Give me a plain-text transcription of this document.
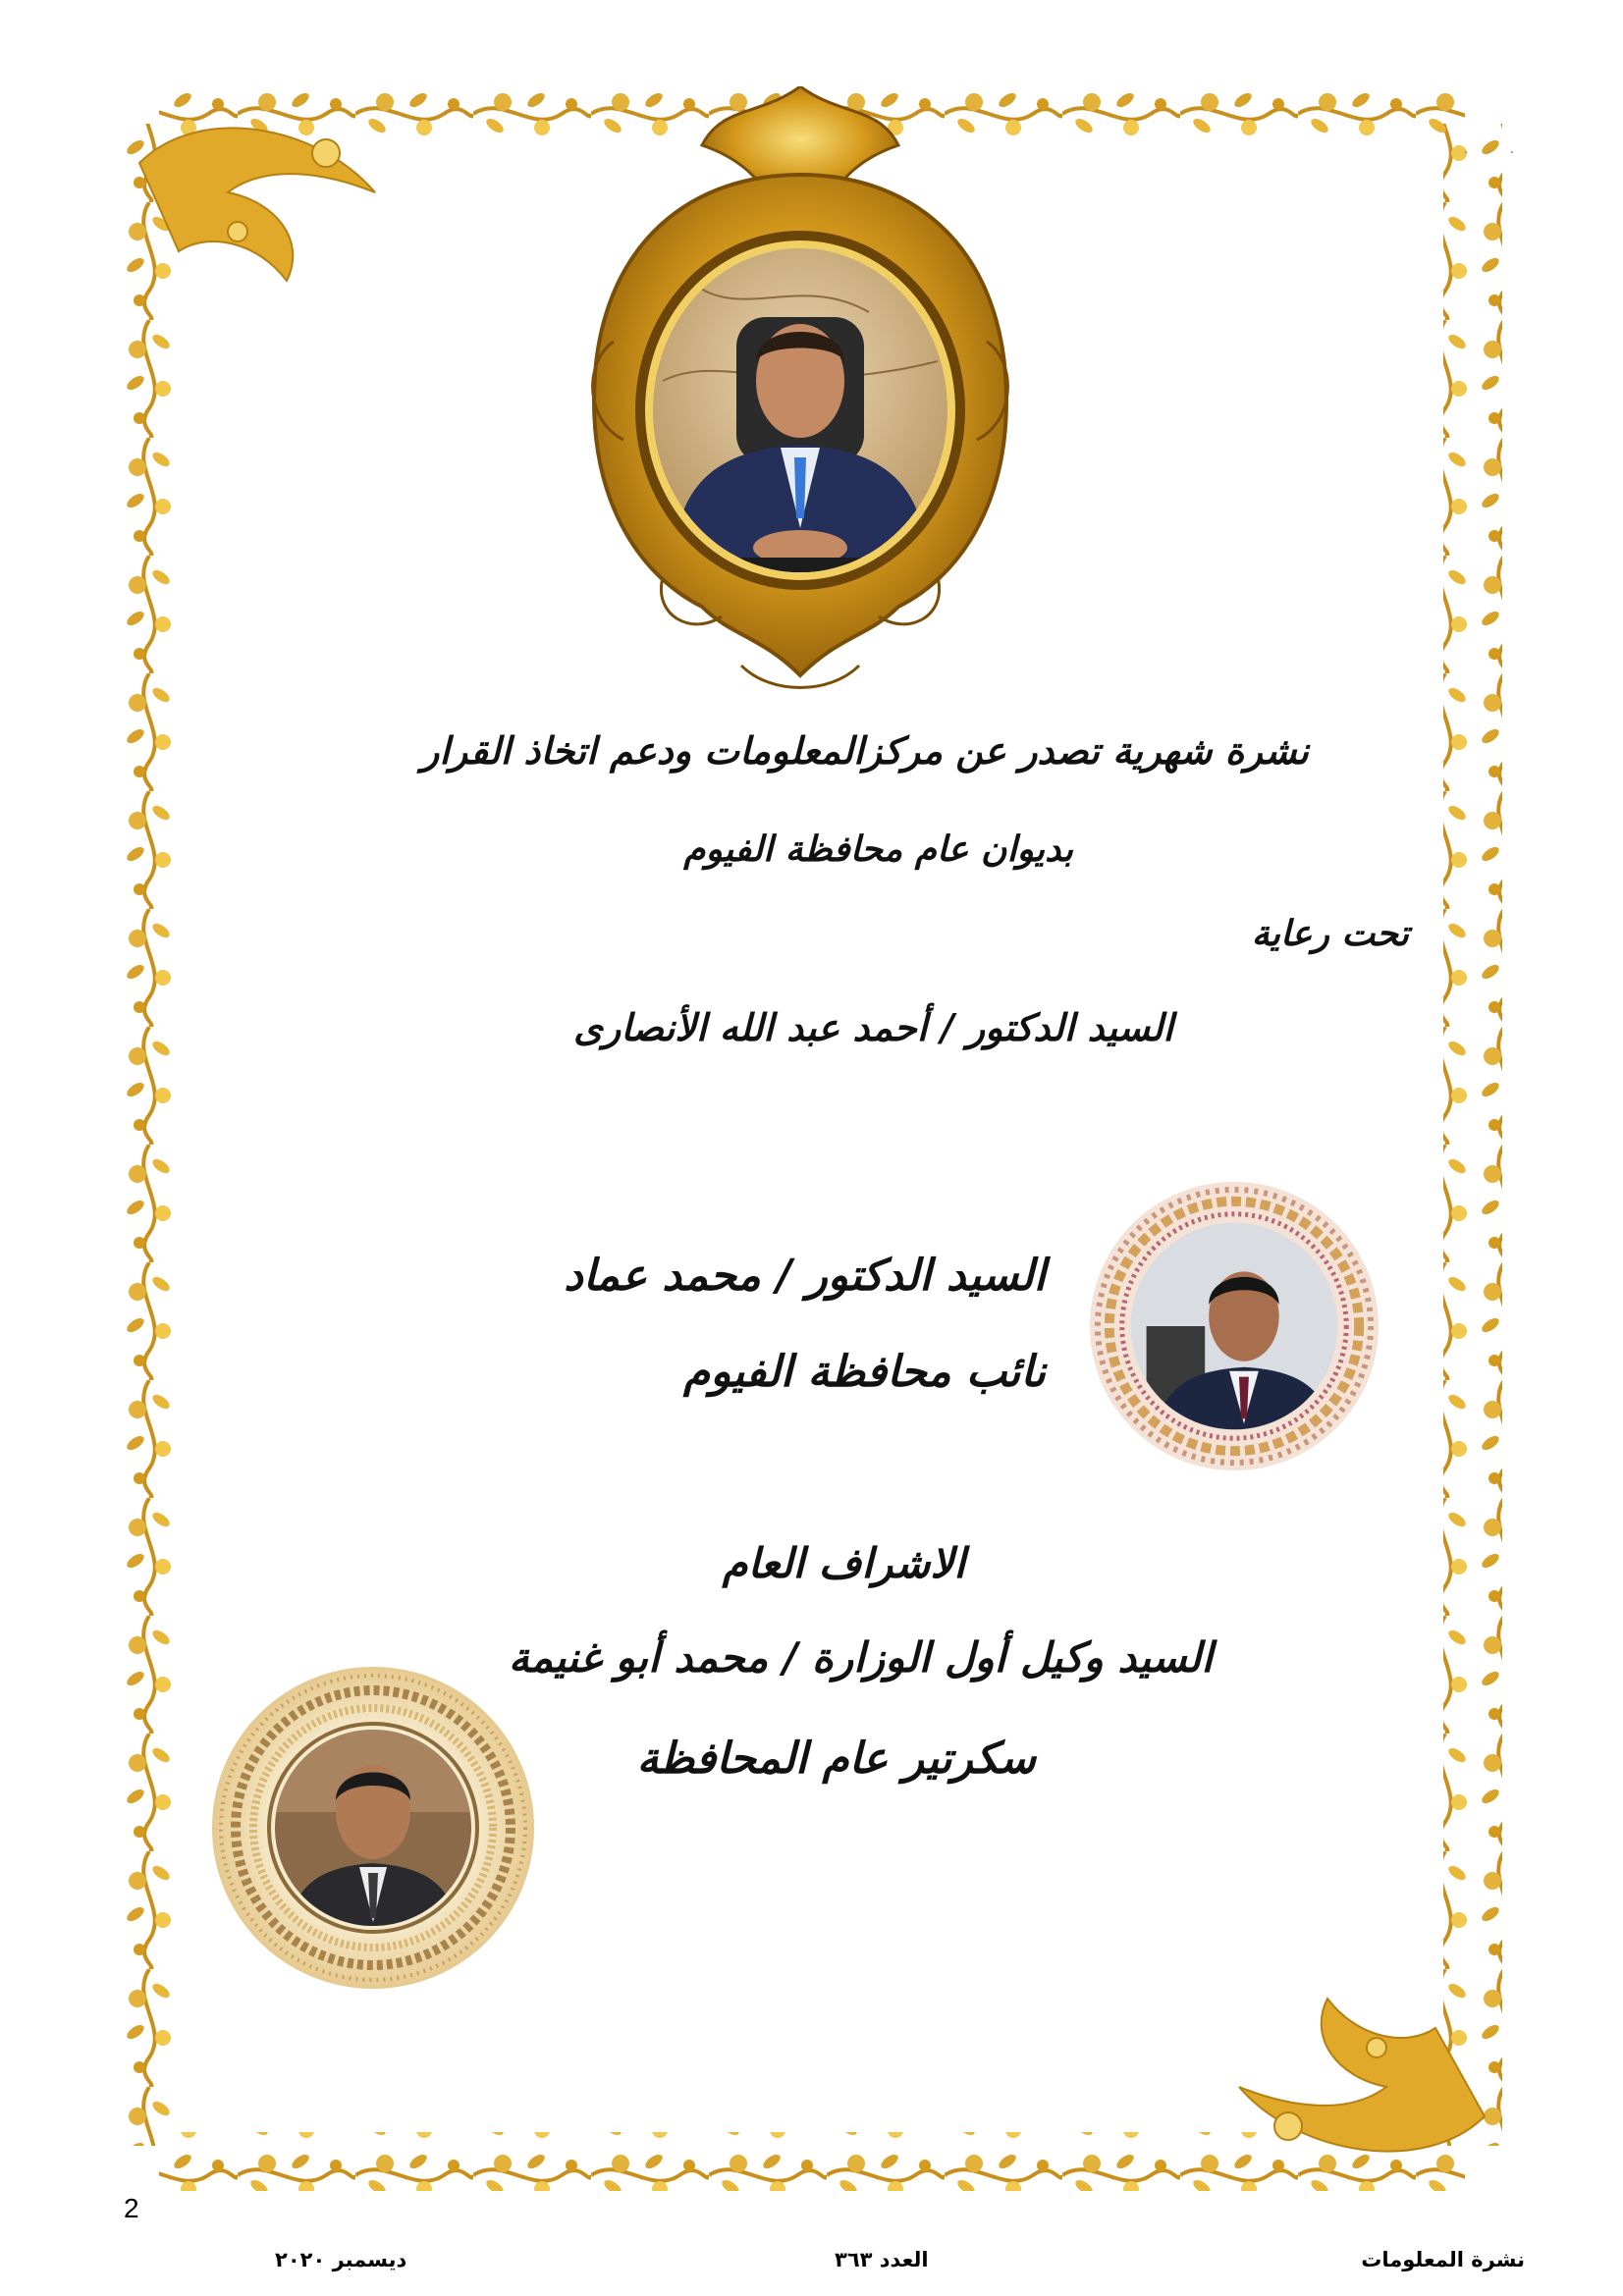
. . .
نشرة شهرية تصدر عن مركزالمعلومات ودعم اتخاذ القرار
بديوان عام محافظة الفيوم
تحت رعاية
السيد الدكتور / أحمد عبد الله الأنصارى
السيد الدكتور / محمد عماد
نائب محافظة الفيوم
الاشراف العام
السيد وكيل أول الوزارة / محمد أبو غنيمة
سكرتير عام المحافظة
2
نشرة المعلومات
العدد ٣٦٣
ديسمبر ٢٠٢٠
